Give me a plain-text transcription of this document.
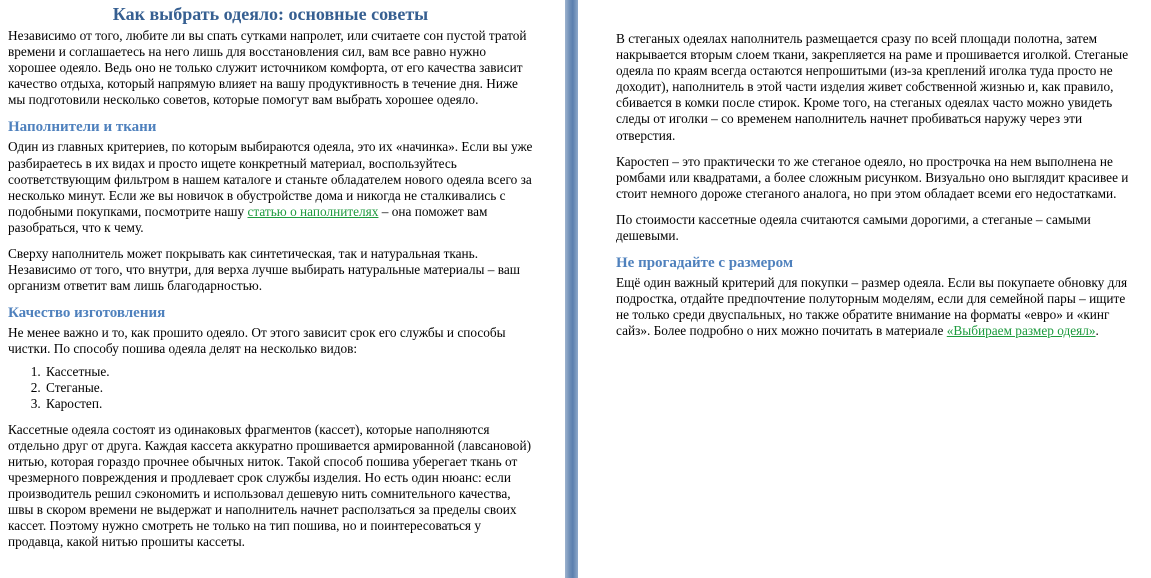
Как выбрать одеяло: основные советы

Независимо от того, любите ли вы спать сутками напролет, или считаете сон пустой тратой времени и соглашаетесь на него лишь для восстановления сил, вам все равно нужно хорошее одеяло. Ведь оно не только служит источником комфорта, от его качества зависит качество отдыха, который напрямую влияет на вашу продуктивность в течение дня. Ниже мы подготовили несколько советов, которые помогут вам выбрать хорошее одеяло.

Наполнители и ткани

Один из главных критериев, по которым выбираются одеяла, это их «начинка». Если вы уже разбираетесь в их видах и просто ищете конкретный материал, воспользуйтесь соответствующим фильтром в нашем каталоге и станьте обладателем нового одеяла всего за несколько минут. Если же вы новичок в обустройстве дома и никогда не сталкивались с подобными покупками, посмотрите нашу статью о наполнителях – она поможет вам разобраться, что к чему.

Сверху наполнитель может покрывать как синтетическая, так и натуральная ткань. Независимо от того, что внутри, для верха лучше выбирать натуральные материалы – ваш организм ответит вам лишь благодарностью.

Качество изготовления

Не менее важно и то, как прошито одеяло. От этого зависит срок его службы и способы чистки. По способу пошива одеяла делят на несколько видов:

1. Кассетные.
2. Стеганые.
3. Каростеп.

Кассетные одеяла состоят из одинаковых фрагментов (кассет), которые наполняются отдельно друг от друга. Каждая кассета аккуратно прошивается армированной (лавсановой) нитью, которая гораздо прочнее обычных ниток. Такой способ пошива уберегает ткань от чрезмерного повреждения и продлевает срок службы изделия. Но есть один нюанс: если производитель решил сэкономить и использовал дешевую нить сомнительного качества, швы в скором времени не выдержат и наполнитель начнет расползаться за пределы своих кассет. Поэтому нужно смотреть не только на тип пошива, но и поинтересоваться у продавца, какой нитью прошиты кассеты.

В стеганых одеялах наполнитель размещается сразу по всей площади полотна, затем накрывается вторым слоем ткани, закрепляется на раме и прошивается иголкой. Стеганые одеяла по краям всегда остаются непрошитыми (из-за креплений иголка туда просто не доходит), наполнитель в этой части изделия живет собственной жизнью и, как правило, сбивается в комки после стирок. Кроме того, на стеганых одеялах часто можно увидеть следы от иголки – со временем наполнитель начнет пробиваться наружу через эти отверстия.

Каростеп – это практически то же стеганое одеяло, но прострочка на нем выполнена не ромбами или квадратами, а более сложным рисунком. Визуально оно выглядит красивее и стоит немного дороже стеганого аналога, но при этом обладает всеми его недостатками.

По стоимости кассетные одеяла считаются самыми дорогими, а стеганые – самыми дешевыми.

Не прогадайте с размером

Ещё один важный критерий для покупки – размер одеяла. Если вы покупаете обновку для подростка, отдайте предпочтение полуторным моделям, если для семейной пары – ищите не только среди двуспальных, но также обратите внимание на форматы «евро» и «кинг сайз». Более подробно о них можно почитать в материале «Выбираем размер одеял».
